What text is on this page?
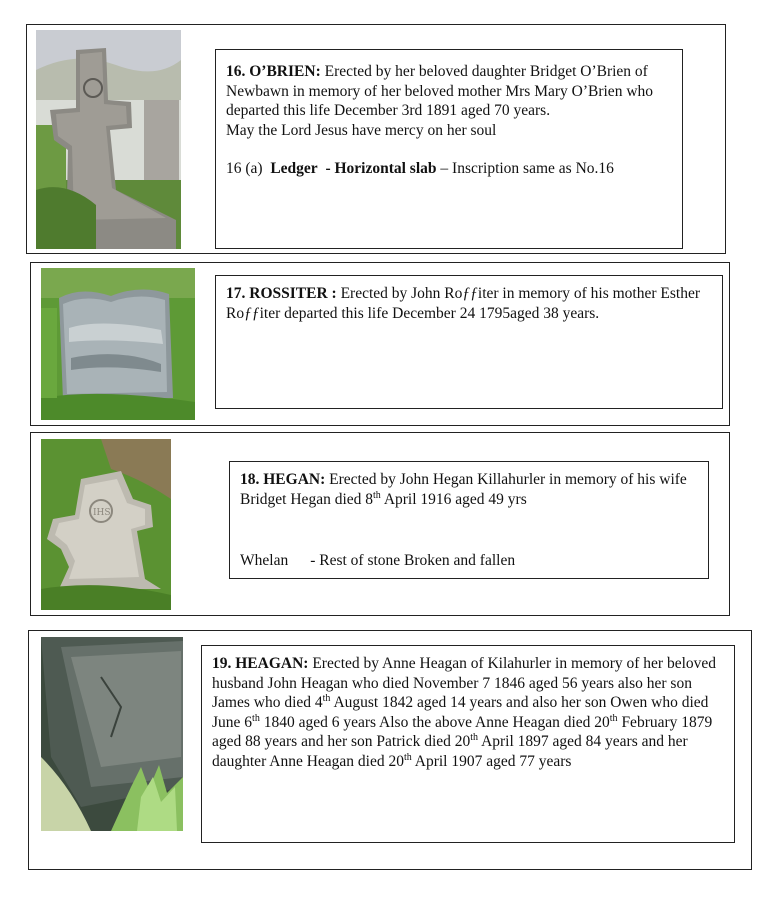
16. O’BRIEN: Erected by her beloved daughter Bridget O’Brien of Newbawn in memory of her beloved mother Mrs Mary O’Brien who departed this life December 3rd 1891 aged 70 years.

May the Lord Jesus have mercy on her soul

16 (a) Ledger - Horizontal slab – Inscription same as No.16

17. ROSSITER : Erected by John Roƒƒiter in memory of his mother Esther Roƒƒiter departed this life December 24 1795aged 38 years.

IHS

18. HEGAN: Erected by John Hegan Killahurler in memory of his wife Bridget Hegan died 8th April 1916 aged 49 yrs

Whelan - Rest of stone Broken and fallen

19. HEAGAN: Erected by Anne Heagan of Kilahurler in memory of her beloved husband John Heagan who died November 7 1846 aged 56 years also her son James who died 4th August 1842 aged 14 years and also her son Owen who died June 6th 1840 aged 6 years Also the above Anne Heagan died 20th February 1879 aged 88 years and her son Patrick died 20th April 1897 aged 84 years and her daughter Anne Heagan died 20th April 1907 aged 77 years
